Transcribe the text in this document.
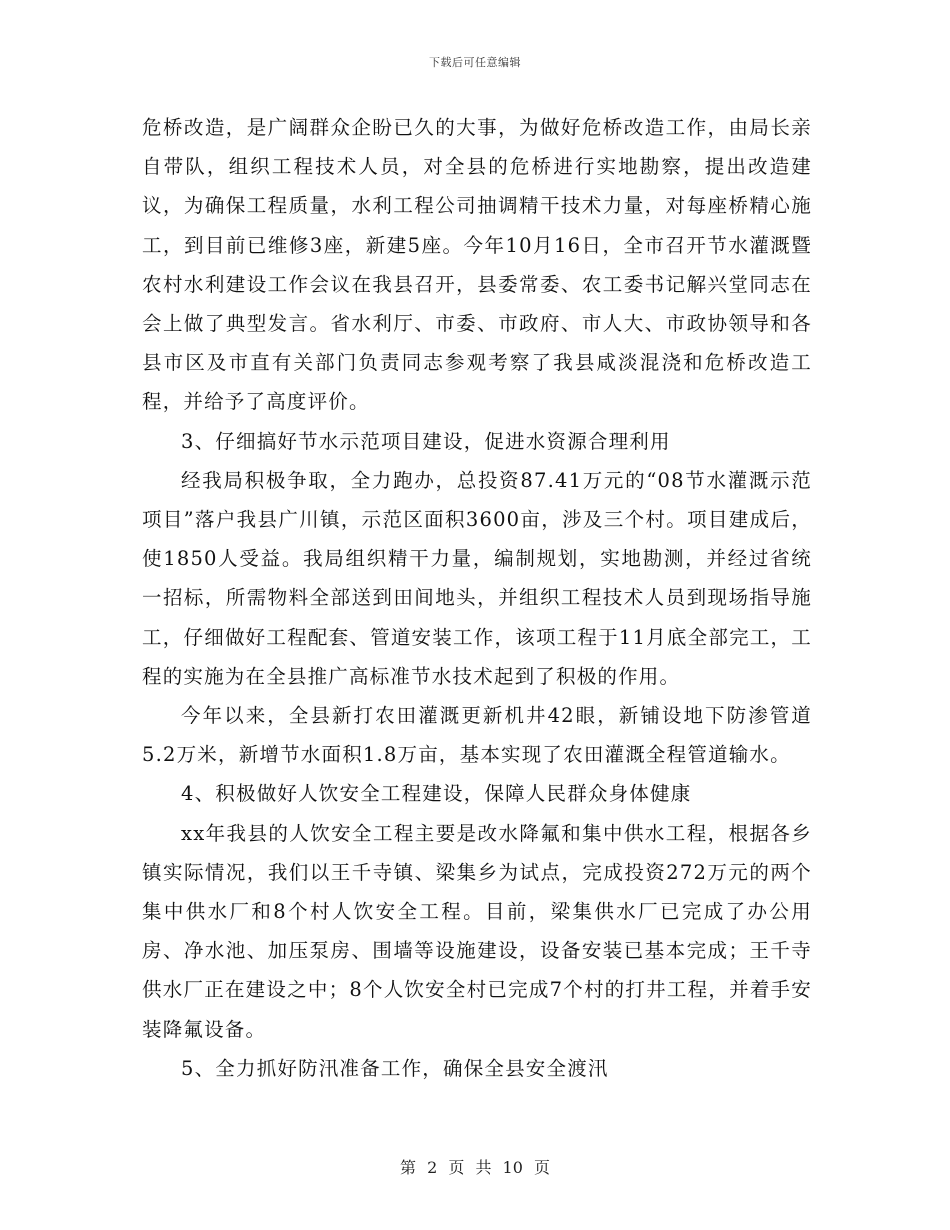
下载后可任意编辑

危桥改造，是广阔群众企盼已久的大事，为做好危桥改造工作，由局长亲自带队，组织工程技术人员，对全县的危桥进行实地勘察，提出改造建议，为确保工程质量，水利工程公司抽调精干技术力量，对每座桥精心施工，到目前已维修3座，新建5座。今年10月16日，全市召开节水灌溉暨农村水利建设工作会议在我县召开，县委常委、农工委书记解兴堂同志在会上做了典型发言。省水利厅、市委、市政府、市人大、市政协领导和各县市区及市直有关部门负责同志参观考察了我县咸淡混浇和危桥改造工程，并给予了高度评价。

3、仔细搞好节水示范项目建设，促进水资源合理利用

经我局积极争取，全力跑办，总投资87.41万元的“08节水灌溉示范项目”落户我县广川镇，示范区面积3600亩，涉及三个村。项目建成后，使1850人受益。我局组织精干力量，编制规划，实地勘测，并经过省统一招标，所需物料全部送到田间地头，并组织工程技术人员到现场指导施工，仔细做好工程配套、管道安装工作，该项工程于11月底全部完工，工程的实施为在全县推广高标准节水技术起到了积极的作用。

今年以来，全县新打农田灌溉更新机井42眼，新铺设地下防渗管道5.2万米，新增节水面积1.8万亩，基本实现了农田灌溉全程管道输水。

4、积极做好人饮安全工程建设，保障人民群众身体健康

xx年我县的人饮安全工程主要是改水降氟和集中供水工程，根据各乡镇实际情况，我们以王千寺镇、梁集乡为试点，完成投资272万元的两个集中供水厂和8个村人饮安全工程。目前，梁集供水厂已完成了办公用房、净水池、加压泵房、围墙等设施建设，设备安装已基本完成；王千寺供水厂正在建设之中；8个人饮安全村已完成7个村的打井工程，并着手安装降氟设备。

5、全力抓好防汛准备工作，确保全县安全渡汛

第 2 页 共 10 页
